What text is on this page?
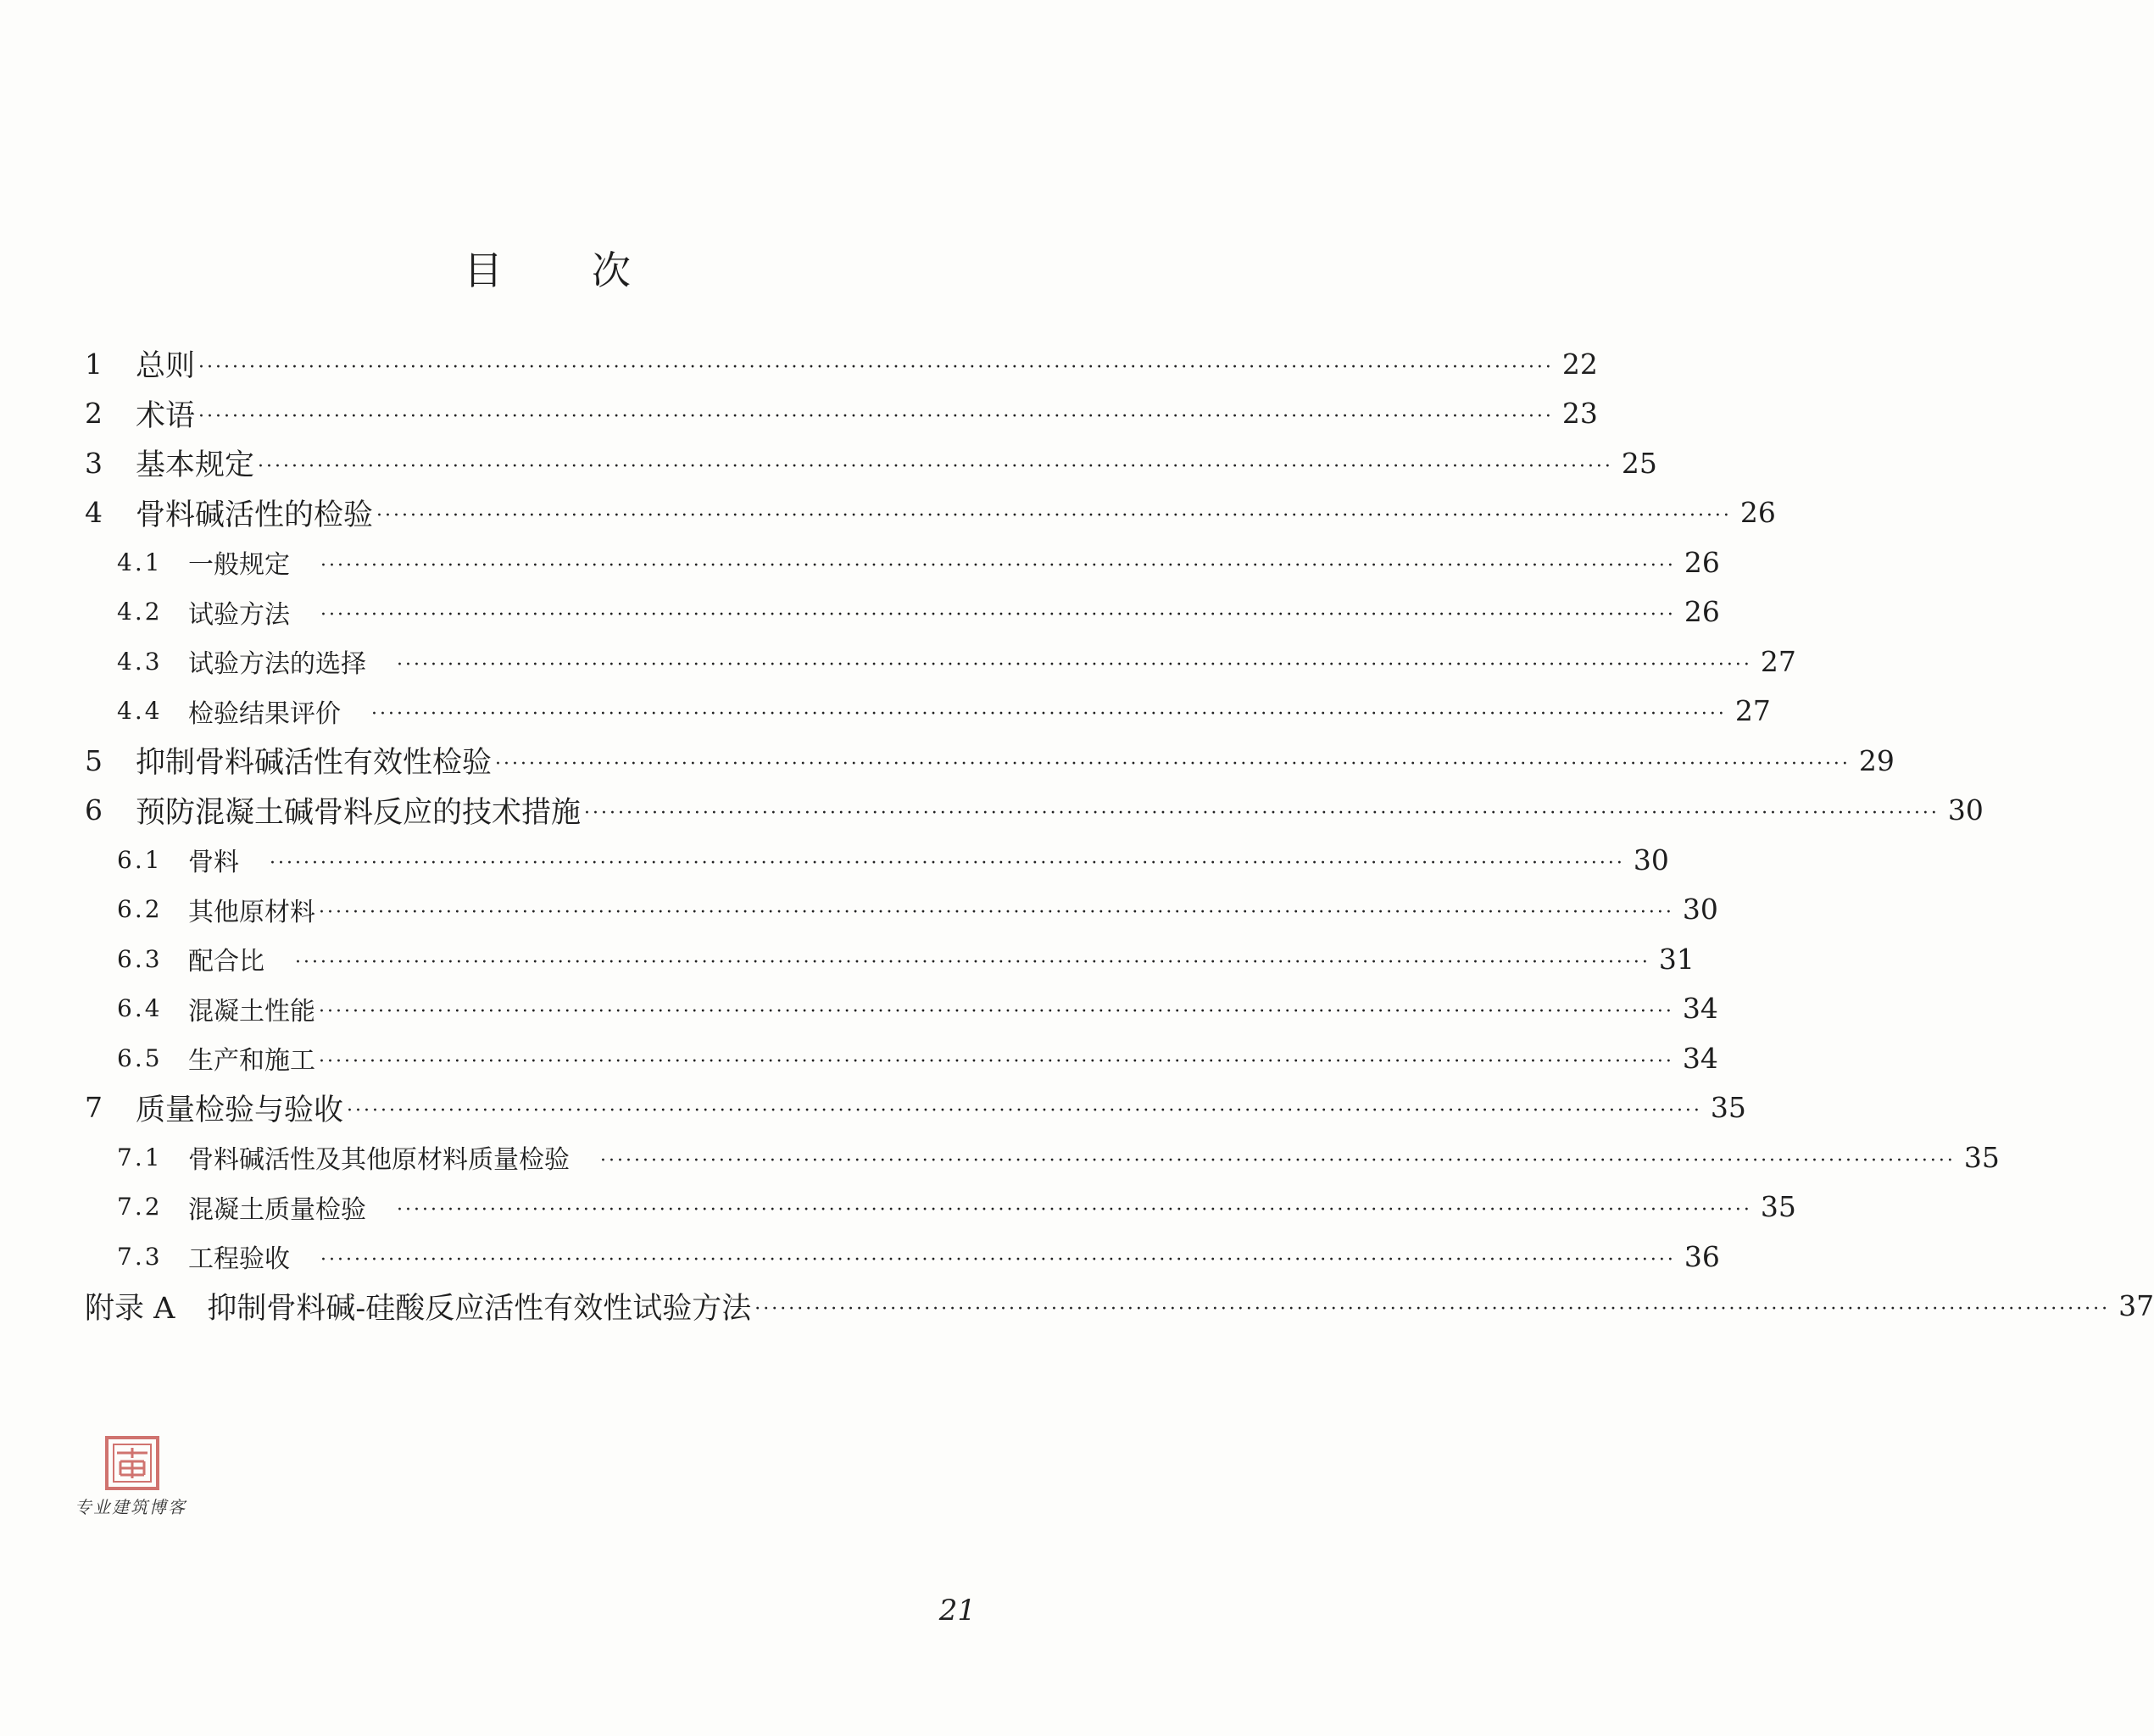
目次
1	总则 ································································································································································ 22
2	术语 ································································································································································ 23
3	基本规定 ································································································································································ 25
4	骨料碱活性的检验 ································································································································································ 26
4.1	一般规定 ································································································································································ 26
4.2	试验方法 ································································································································································ 26
4.3	试验方法的选择 ································································································································································ 27
4.4	检验结果评价 ································································································································································ 27
5	抑制骨料碱活性有效性检验 ································································································································································ 29
6	预防混凝土碱骨料反应的技术措施 ································································································································································ 30
6.1	骨料 ································································································································································ 30
6.2	其他原材料 ································································································································································ 30
6.3	配合比 ································································································································································ 31
6.4	混凝土性能 ································································································································································ 34
6.5	生产和施工 ································································································································································ 34
7	质量检验与验收 ································································································································································ 35
7.1	骨料碱活性及其他原材料质量检验 ································································································································································ 35
7.2	混凝土质量检验 ································································································································································ 35
7.3	工程验收 ································································································································································ 36
附录 A 抑制骨料碱-硅酸反应活性有效性试验方法 ································································································································································ 37
专业建筑博客
21
